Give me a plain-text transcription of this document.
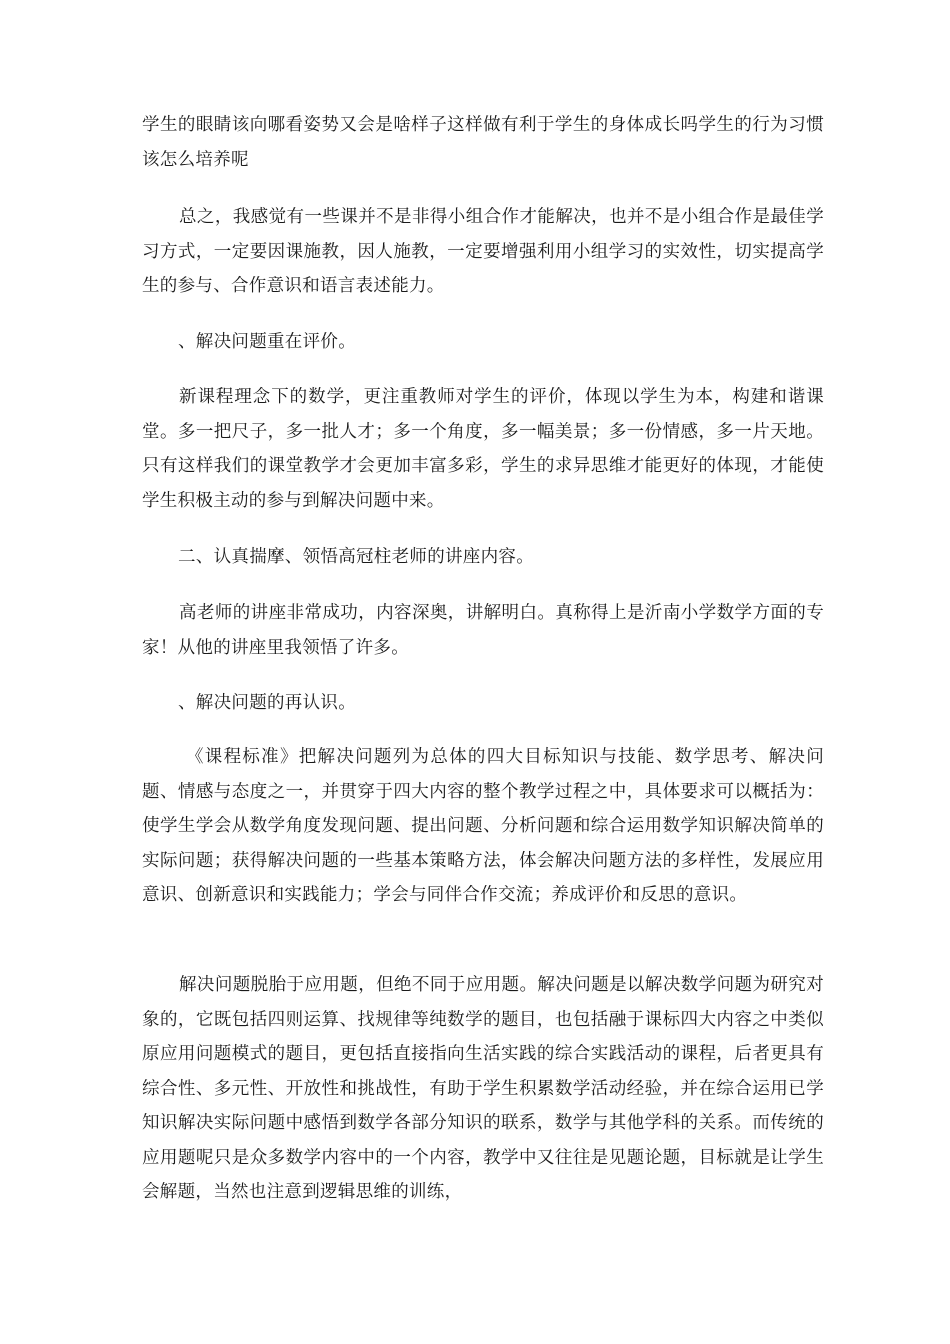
学生的眼睛该向哪看姿势又会是啥样子这样做有利于学生的身体成长吗学生的行为习惯该怎么培养呢

总之，我感觉有一些课并不是非得小组合作才能解决，也并不是小组合作是最佳学习方式，一定要因课施教，因人施教，一定要增强利用小组学习的实效性，切实提高学生的参与、合作意识和语言表述能力。

、解决问题重在评价。

新课程理念下的数学，更注重教师对学生的评价，体现以学生为本，构建和谐课堂。多一把尺子，多一批人才；多一个角度，多一幅美景；多一份情感，多一片天地。只有这样我们的课堂教学才会更加丰富多彩，学生的求异思维才能更好的体现，才能使学生积极主动的参与到解决问题中来。

二、认真揣摩、领悟高冠柱老师的讲座内容。

高老师的讲座非常成功，内容深奥，讲解明白。真称得上是沂南小学数学方面的专家！从他的讲座里我领悟了许多。

、解决问题的再认识。

《课程标准》把解决问题列为总体的四大目标知识与技能、数学思考、解决问题、情感与态度之一，并贯穿于四大内容的整个教学过程之中，具体要求可以概括为：使学生学会从数学角度发现问题、提出问题、分析问题和综合运用数学知识解决简单的实际问题；获得解决问题的一些基本策略方法，体会解决问题方法的多样性，发展应用意识、创新意识和实践能力；学会与同伴合作交流；养成评价和反思的意识。

解决问题脱胎于应用题，但绝不同于应用题。解决问题是以解决数学问题为研究对象的，它既包括四则运算、找规律等纯数学的题目，也包括融于课标四大内容之中类似原应用问题模式的题目，更包括直接指向生活实践的综合实践活动的课程，后者更具有综合性、多元性、开放性和挑战性，有助于学生积累数学活动经验，并在综合运用已学知识解决实际问题中感悟到数学各部分知识的联系，数学与其他学科的关系。而传统的应用题呢只是众多数学内容中的一个内容，教学中又往往是见题论题，目标就是让学生会解题，当然也注意到逻辑思维的训练，
